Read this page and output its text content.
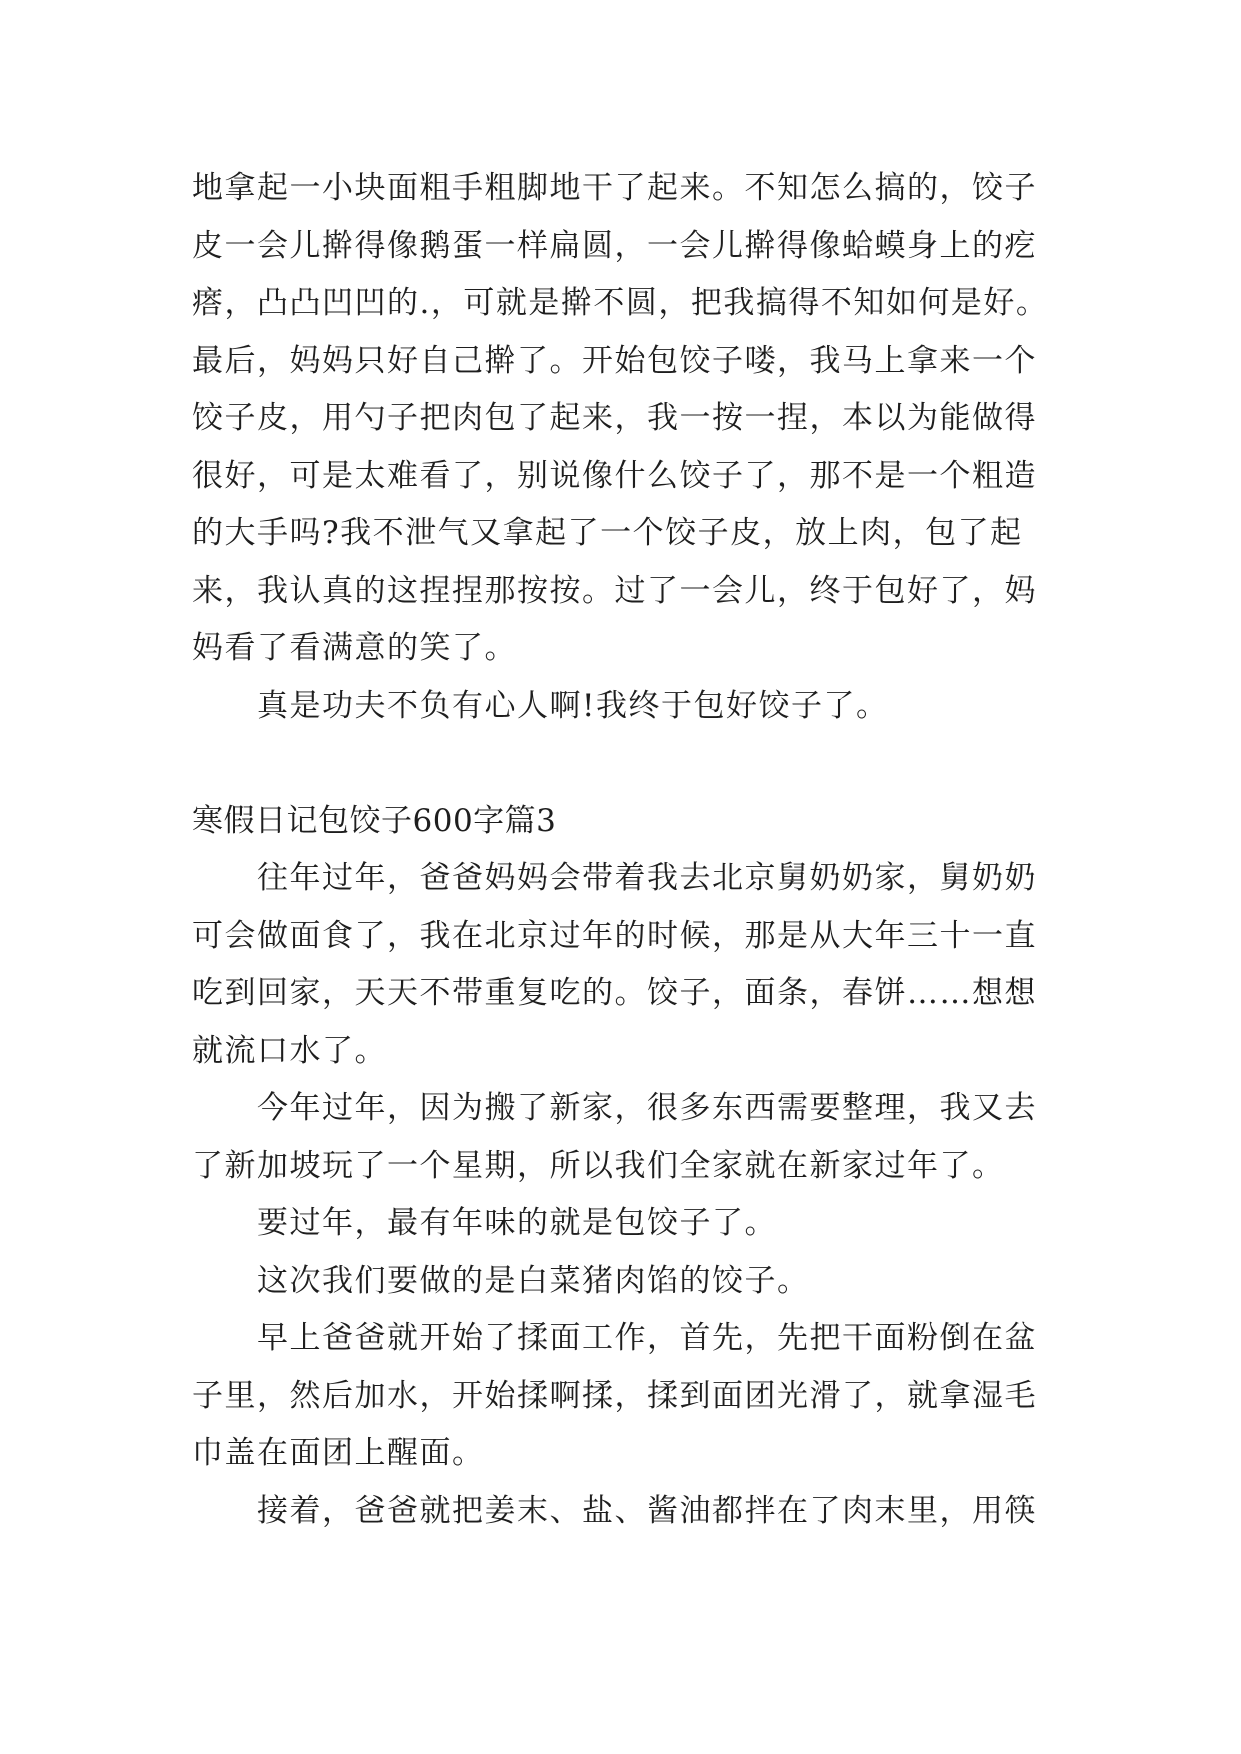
地拿起一小块面粗手粗脚地干了起来。不知怎么搞的，饺子

皮一会儿擀得像鹅蛋一样扁圆，一会儿擀得像蛤蟆身上的疙

瘩，凸凸凹凹的.，可就是擀不圆，把我搞得不知如何是好。

最后，妈妈只好自己擀了。开始包饺子喽，我马上拿来一个

饺子皮，用勺子把肉包了起来，我一按一捏，本以为能做得

很好，可是太难看了，别说像什么饺子了，那不是一个粗造

的大手吗?我不泄气又拿起了一个饺子皮，放上肉，包了起

来，我认真的这捏捏那按按。过了一会儿，终于包好了，妈

妈看了看满意的笑了。

真是功夫不负有心人啊!我终于包好饺子了。

寒假日记包饺子600字篇3

往年过年，爸爸妈妈会带着我去北京舅奶奶家，舅奶奶

可会做面食了，我在北京过年的时候，那是从大年三十一直

吃到回家，天天不带重复吃的。饺子，面条，春饼……想想

就流口水了。

今年过年，因为搬了新家，很多东西需要整理，我又去

了新加坡玩了一个星期，所以我们全家就在新家过年了。

要过年，最有年味的就是包饺子了。

这次我们要做的是白菜猪肉馅的饺子。

早上爸爸就开始了揉面工作，首先，先把干面粉倒在盆

子里，然后加水，开始揉啊揉，揉到面团光滑了，就拿湿毛

巾盖在面团上醒面。

接着，爸爸就把姜末、盐、酱油都拌在了肉末里，用筷
